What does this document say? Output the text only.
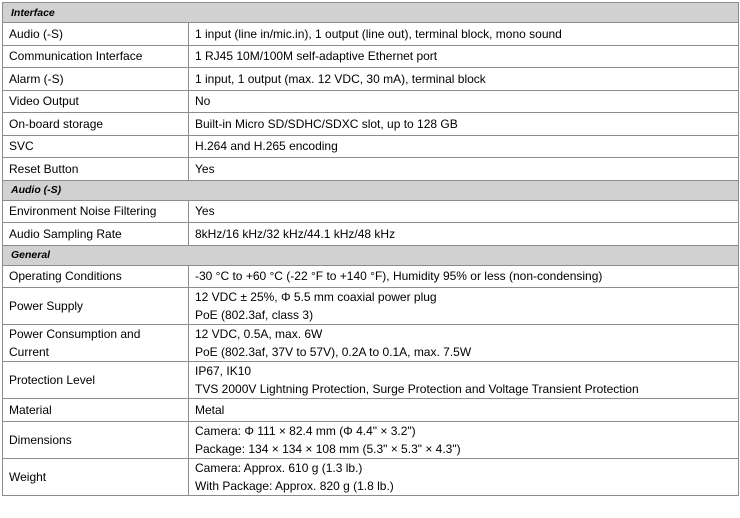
Interface	

Audio (-S)	1 input (line in/mic.in), 1 output (line out), terminal block, mono sound

Communication Interface	1 RJ45 10M/100M self-adaptive Ethernet port

Alarm (-S)	1 input, 1 output (max. 12 VDC, 30 mA), terminal block

Video Output	No

On-board storage	Built-in Micro SD/SDHC/SDXC slot, up to 128 GB

SVC	H.264 and H.265 encoding

Reset Button	Yes

Audio (-S)	

Environment Noise Filtering	Yes

Audio Sampling Rate	8kHz/16 kHz/32 kHz/44.1 kHz/48 kHz

General	

Operating Conditions	-30 °C to +60 °C (-22 °F to +140 °F), Humidity 95% or less (non-condensing)

Power Supply	12 VDC ± 25%, Φ 5.5 mm coaxial power plug
PoE (802.3af, class 3)

Power Consumption and
Current	12 VDC, 0.5A, max. 6W
PoE (802.3af, 37V to 57V), 0.2A to 0.1A, max. 7.5W

Protection Level	IP67, IK10
TVS 2000V Lightning Protection, Surge Protection and Voltage Transient Protection

Material	Metal

Dimensions	Camera: Φ 111 × 82.4 mm (Φ 4.4" × 3.2")
Package: 134 × 134 × 108 mm (5.3" × 5.3" × 4.3")

Weight	Camera: Approx. 610 g (1.3 lb.)
With Package: Approx. 820 g (1.8 lb.)
